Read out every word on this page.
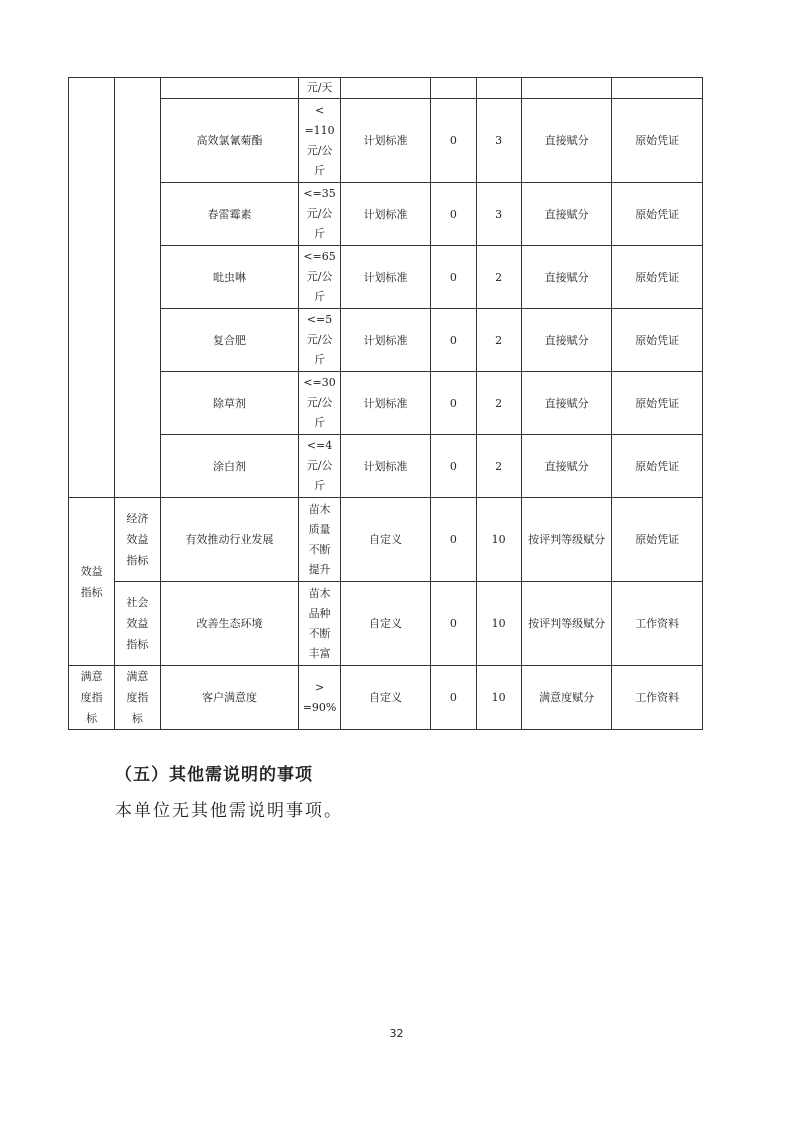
			元/天					

		高效氯氰菊酯	<
=110
元/公
斤	计划标准	0	3	直接赋分	原始凭证
		春雷霉素	<=35
元/公
斤	计划标准	0	3	直接赋分	原始凭证
		吡虫啉	<=65
元/公
斤	计划标准	0	2	直接赋分	原始凭证
		复合肥	<=5
元/公
斤	计划标准	0	2	直接赋分	原始凭证
		除草剂	<=30
元/公
斤	计划标准	0	2	直接赋分	原始凭证
		涂白剂	<=4
元/公
斤	计划标准	0	2	直接赋分	原始凭证

效益
指标	经济
效益
指标	有效推动行业发展	苗木
质量
不断
提升	自定义	0	10	按评判等级赋分	原始凭证

	社会
效益
指标	改善生态环境	苗木
品种
不断
丰富	自定义	0	10	按评判等级赋分	工作资料

满意
度指
标	满意
度指
标	客户满意度	>
=90%	自定义	0	10	满意度赋分	工作资料
（五）其他需说明的事项

本单位无其他需说明事项。

32
